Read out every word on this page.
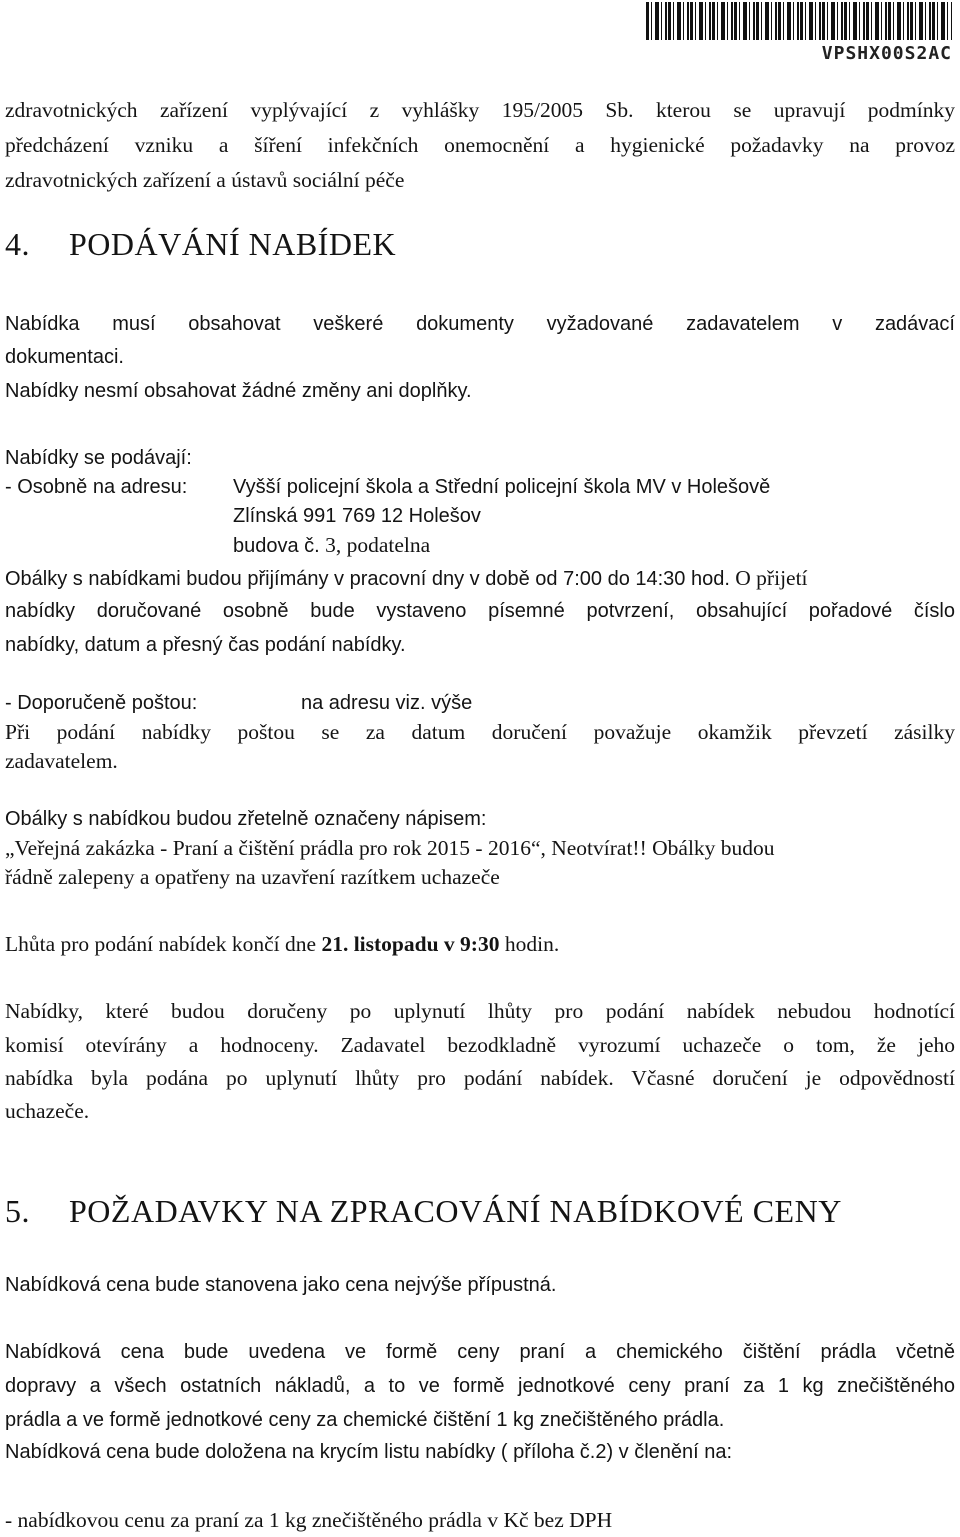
VPSHX00S2AC
zdravotnických zařízení vyplývající z vyhlášky 195/2005 Sb. kterou se upravují podmínky
předcházení vzniku a šíření infekčních onemocnění a hygienické požadavky na provoz
zdravotnických zařízení a ústavů sociální péče
4. PODÁVÁNÍ NABÍDEK
Nabídka musí obsahovat veškeré dokumenty vyžadované zadavatelem v zadávací
dokumentaci.
Nabídky nesmí obsahovat žádné změny ani doplňky.
Nabídky se podávají:
- Osobně na adresu: Vyšší policejní škola a Střední policejní škola MV v Holešově
Zlínská 991 769 12 Holešov
budova č. 3, podatelna
Obálky s nabídkami budou přijímány v pracovní dny v době od 7:00 do 14:30 hod. O přijetí
nabídky doručované osobně bude vystaveno písemné potvrzení, obsahující pořadové číslo
nabídky, datum a přesný čas podání nabídky.
- Doporučeně poštou:	na adresu viz. výše
Při podání nabídky poštou se za datum doručení považuje okamžik převzetí zásilky
zadavatelem.
Obálky s nabídkou budou zřetelně označeny nápisem:
„Veřejná zakázka - Praní a čištění prádla pro rok 2015 - 2016“, Neotvírat!! Obálky budou
řádně zalepeny a opatřeny na uzavření razítkem uchazeče
Lhůta pro podání nabídek končí dne 21. listopadu v 9:30 hodin.
Nabídky, které budou doručeny po uplynutí lhůty pro podání nabídek nebudou hodnotící
komisí otevírány a hodnoceny. Zadavatel bezodkladně vyrozumí uchazeče o tom, že jeho
nabídka byla podána po uplynutí lhůty pro podání nabídek. Včasné doručení je odpovědností
uchazeče.
5. POŽADAVKY NA ZPRACOVÁNÍ NABÍDKOVÉ CENY
Nabídková cena bude stanovena jako cena nejvýše přípustná.
Nabídková cena bude uvedena ve formě ceny praní a chemického čištění prádla včetně
dopravy a všech ostatních nákladů, a to ve formě jednotkové ceny praní za 1 kg znečištěného
prádla a ve formě jednotkové ceny za chemické čištění 1 kg znečištěného prádla.
Nabídková cena bude doložena na krycím listu nabídky ( příloha č.2) v členění na:
- nabídkovou cenu za praní za 1 kg znečištěného prádla v Kč bez DPH
